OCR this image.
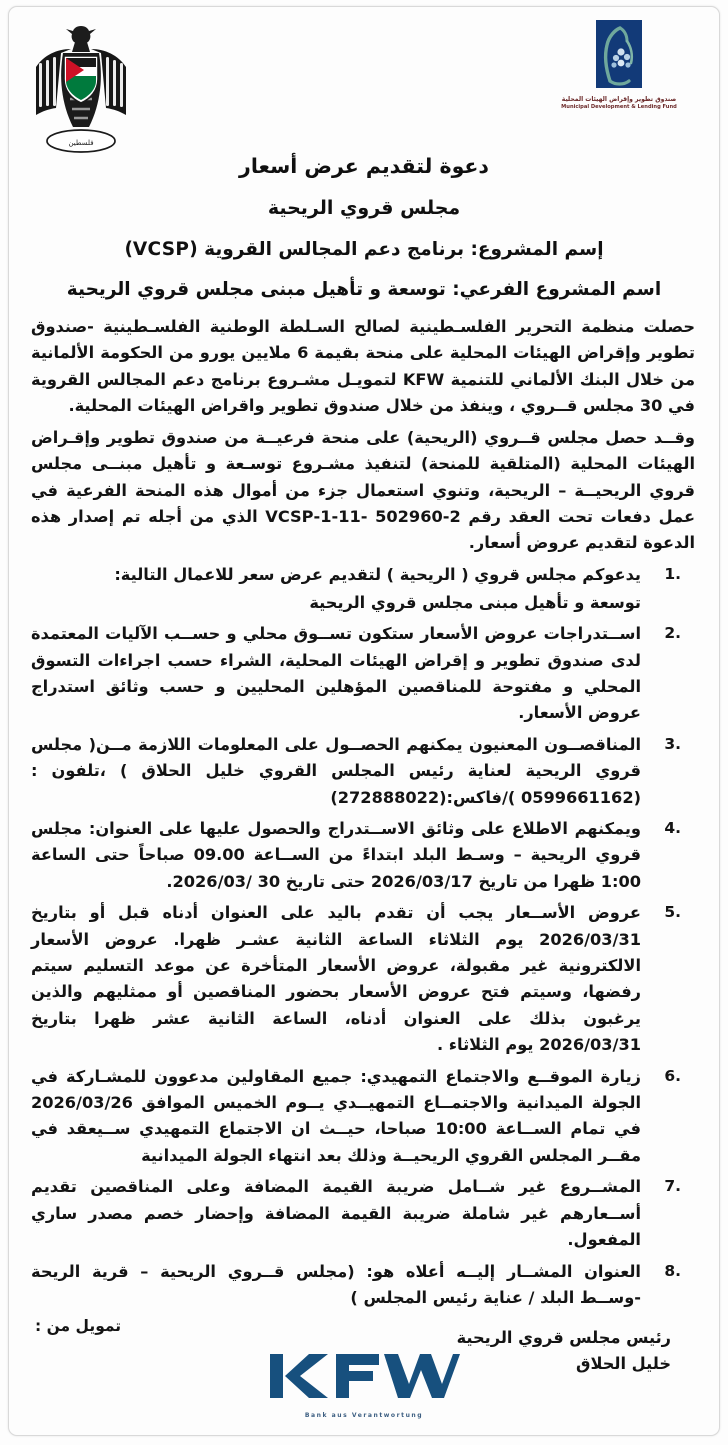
فلسطين
صندوق تطوير وإقراض الهيئات المحلية
Municipal Development & Lending Fund
دعوة لتقديم عرض أسعار
مجلس قروي الريحية
إسم المشروع: برنامج دعم المجالس القروية (VCSP)
اسم المشروع الفرعي: توسعة و تأهيل مبنى مجلس قروي الريحية

حصلت منظمة التحرير الفلسـطينية لصالح السـلطة الوطنية الفلسـطينية -صندوق تطوير وإقراض الهيئات المحلية على منحة بقيمة 6 ملايين يورو من الحكومة الألمانية من خلال البنك الألماني للتنمية KFW لتمويـل مشـروع برنامج دعم المجالس القروية في 30 مجلس قــروي ، وينفذ من خلال صندوق تطوير واقراض الهيئات المحلية.

وقــد حصل مجلس قــروي (الريحية) على منحة فرعيــة من صندوق تطوير وإقـراض الهيئات المحلية (المتلقية للمنحة) لتنفيذ مشـروع توسـعة و تأهيل مبنــى مجلس قروي الريحيــة – الريحية، وتنوي استعمال جزء من أموال هذه المنحة الفرعية في عمل دفعات تحت العقد رقم 2-502960 -11-1-VCSP الذي من أجله تم إصدار هذه الدعوة لتقديم عروض أسعار.

يدعوكم مجلس قروي ( الريحية ) لتقديم عرض سعر للاعمال التالية:
توسعة و تأهيل مبنى مجلس قروي الريحية
اســتدراجات عروض الأسعار ستكون تســوق محلي و حســب الآليات المعتمدة لدى صندوق تطوير و إقراض الهيئات المحلية، الشراء حسب اجراءات التسوق المحلي و مفتوحة للمناقصين المؤهلين المحليين و حسب وثائق استدراج عروض الأسعار.
المناقصــون المعنيون يمكنهم الحصــول على المعلومات اللازمة مــن( مجلس قروي الريحية لعناية رئيس المجلس القروي خليل الحلاق ) ،تلفون :(0599661162 )/فاكس:(272888022)
ويمكنهم الاطلاع على وثائق الاســتدراج والحصول عليها على العنوان: مجلس قروي الريحية – وسـط البلد ابتداءً من الســاعة 09.00 صباحاً حتى الساعة 1:00 ظهرا من تاريخ 2026/03/17 حتى تاريخ 30 /2026/03.
عروض الأســعار يجب أن تقدم باليد على العنوان أدناه قبل أو بتاريخ 2026/03/31 يوم الثلاثاء الساعة الثانية عشـر ظهرا. عروض الأسعار الالكترونية غير مقبولة، عروض الأسعار المتأخرة عن موعد التسليم سيتم رفضها، وسيتم فتح عروض الأسعار بحضور المناقصين أو ممثليهم والذين يرغبون بذلك على العنوان أدناه، الساعة الثانية عشر ظهرا بتاريخ 2026/03/31 يوم الثلاثاء .
زيارة الموقــع والاجتماع التمهيدي: جميع المقاولين مدعوون للمشـاركة في الجولة الميدانية والاجتمــاع التمهيــدي يــوم الخميس الموافق 2026/03/26 في تمام الســاعة 10:00 صباحا، حيــث ان الاجتماع التمهيدي ســيعقد في مقــر المجلس القروي الريحيــة وذلك بعد انتهاء الجولة الميدانية
المشــروع غير شــامل ضريبة القيمة المضافة وعلى المناقصين تقديم أســعارهم غير شاملة ضريبة القيمة المضافة وإحضار خصم مصدر ساري المفعول.
العنوان المشــار إليــه أعلاه هو: (مجلس قــروي الريحية – قرية الريحة -وســط البلد / عناية رئيس المجلس )
رئيس مجلس قروي الريحية
خليل الحلاق
تمويل من :
Bank aus Verantwortung
